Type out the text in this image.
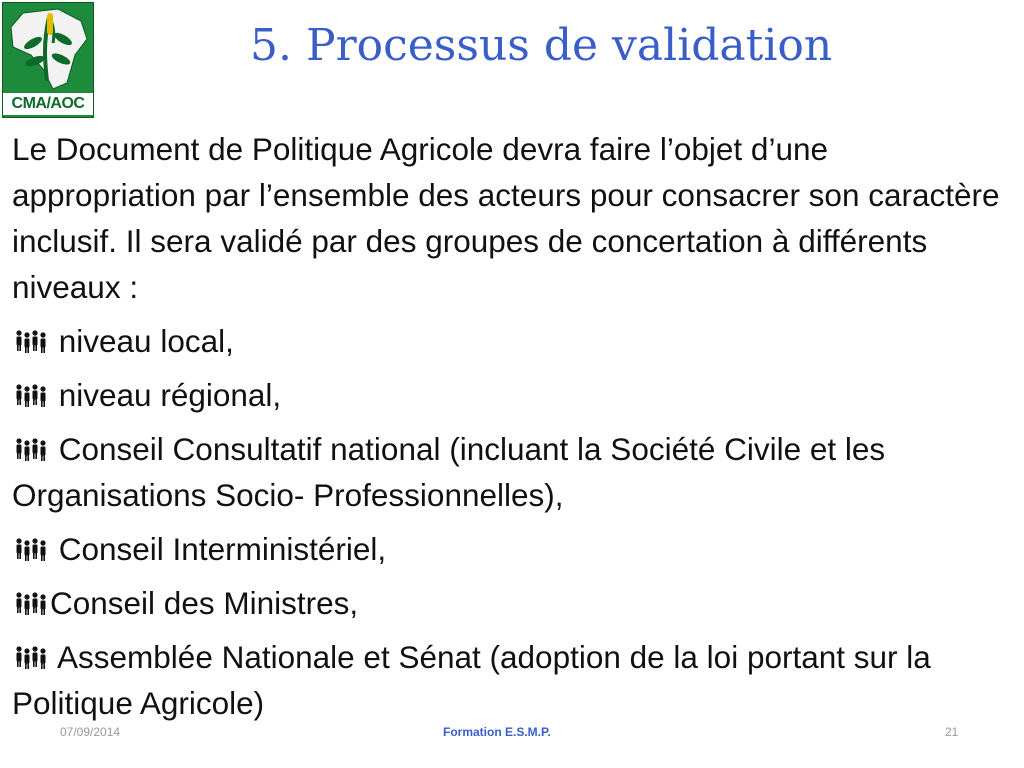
CMA/AOC
5. Processus de validation

Le Document de Politique Agricole devra faire l’objet d’une appropriation par l’ensemble des acteurs pour consacrer son caractère inclusif. Il sera validé par des groupes de concertation à différents niveaux :

niveau local,

niveau régional,

Conseil Consultatif national (incluant la Société Civile et les Organisations Socio- Professionnelles),

Conseil Interministériel,

Conseil des Ministres,

Assemblée Nationale et Sénat (adoption de la loi portant sur la Politique Agricole)

07/09/2014	Formation E.S.M.P.	21
